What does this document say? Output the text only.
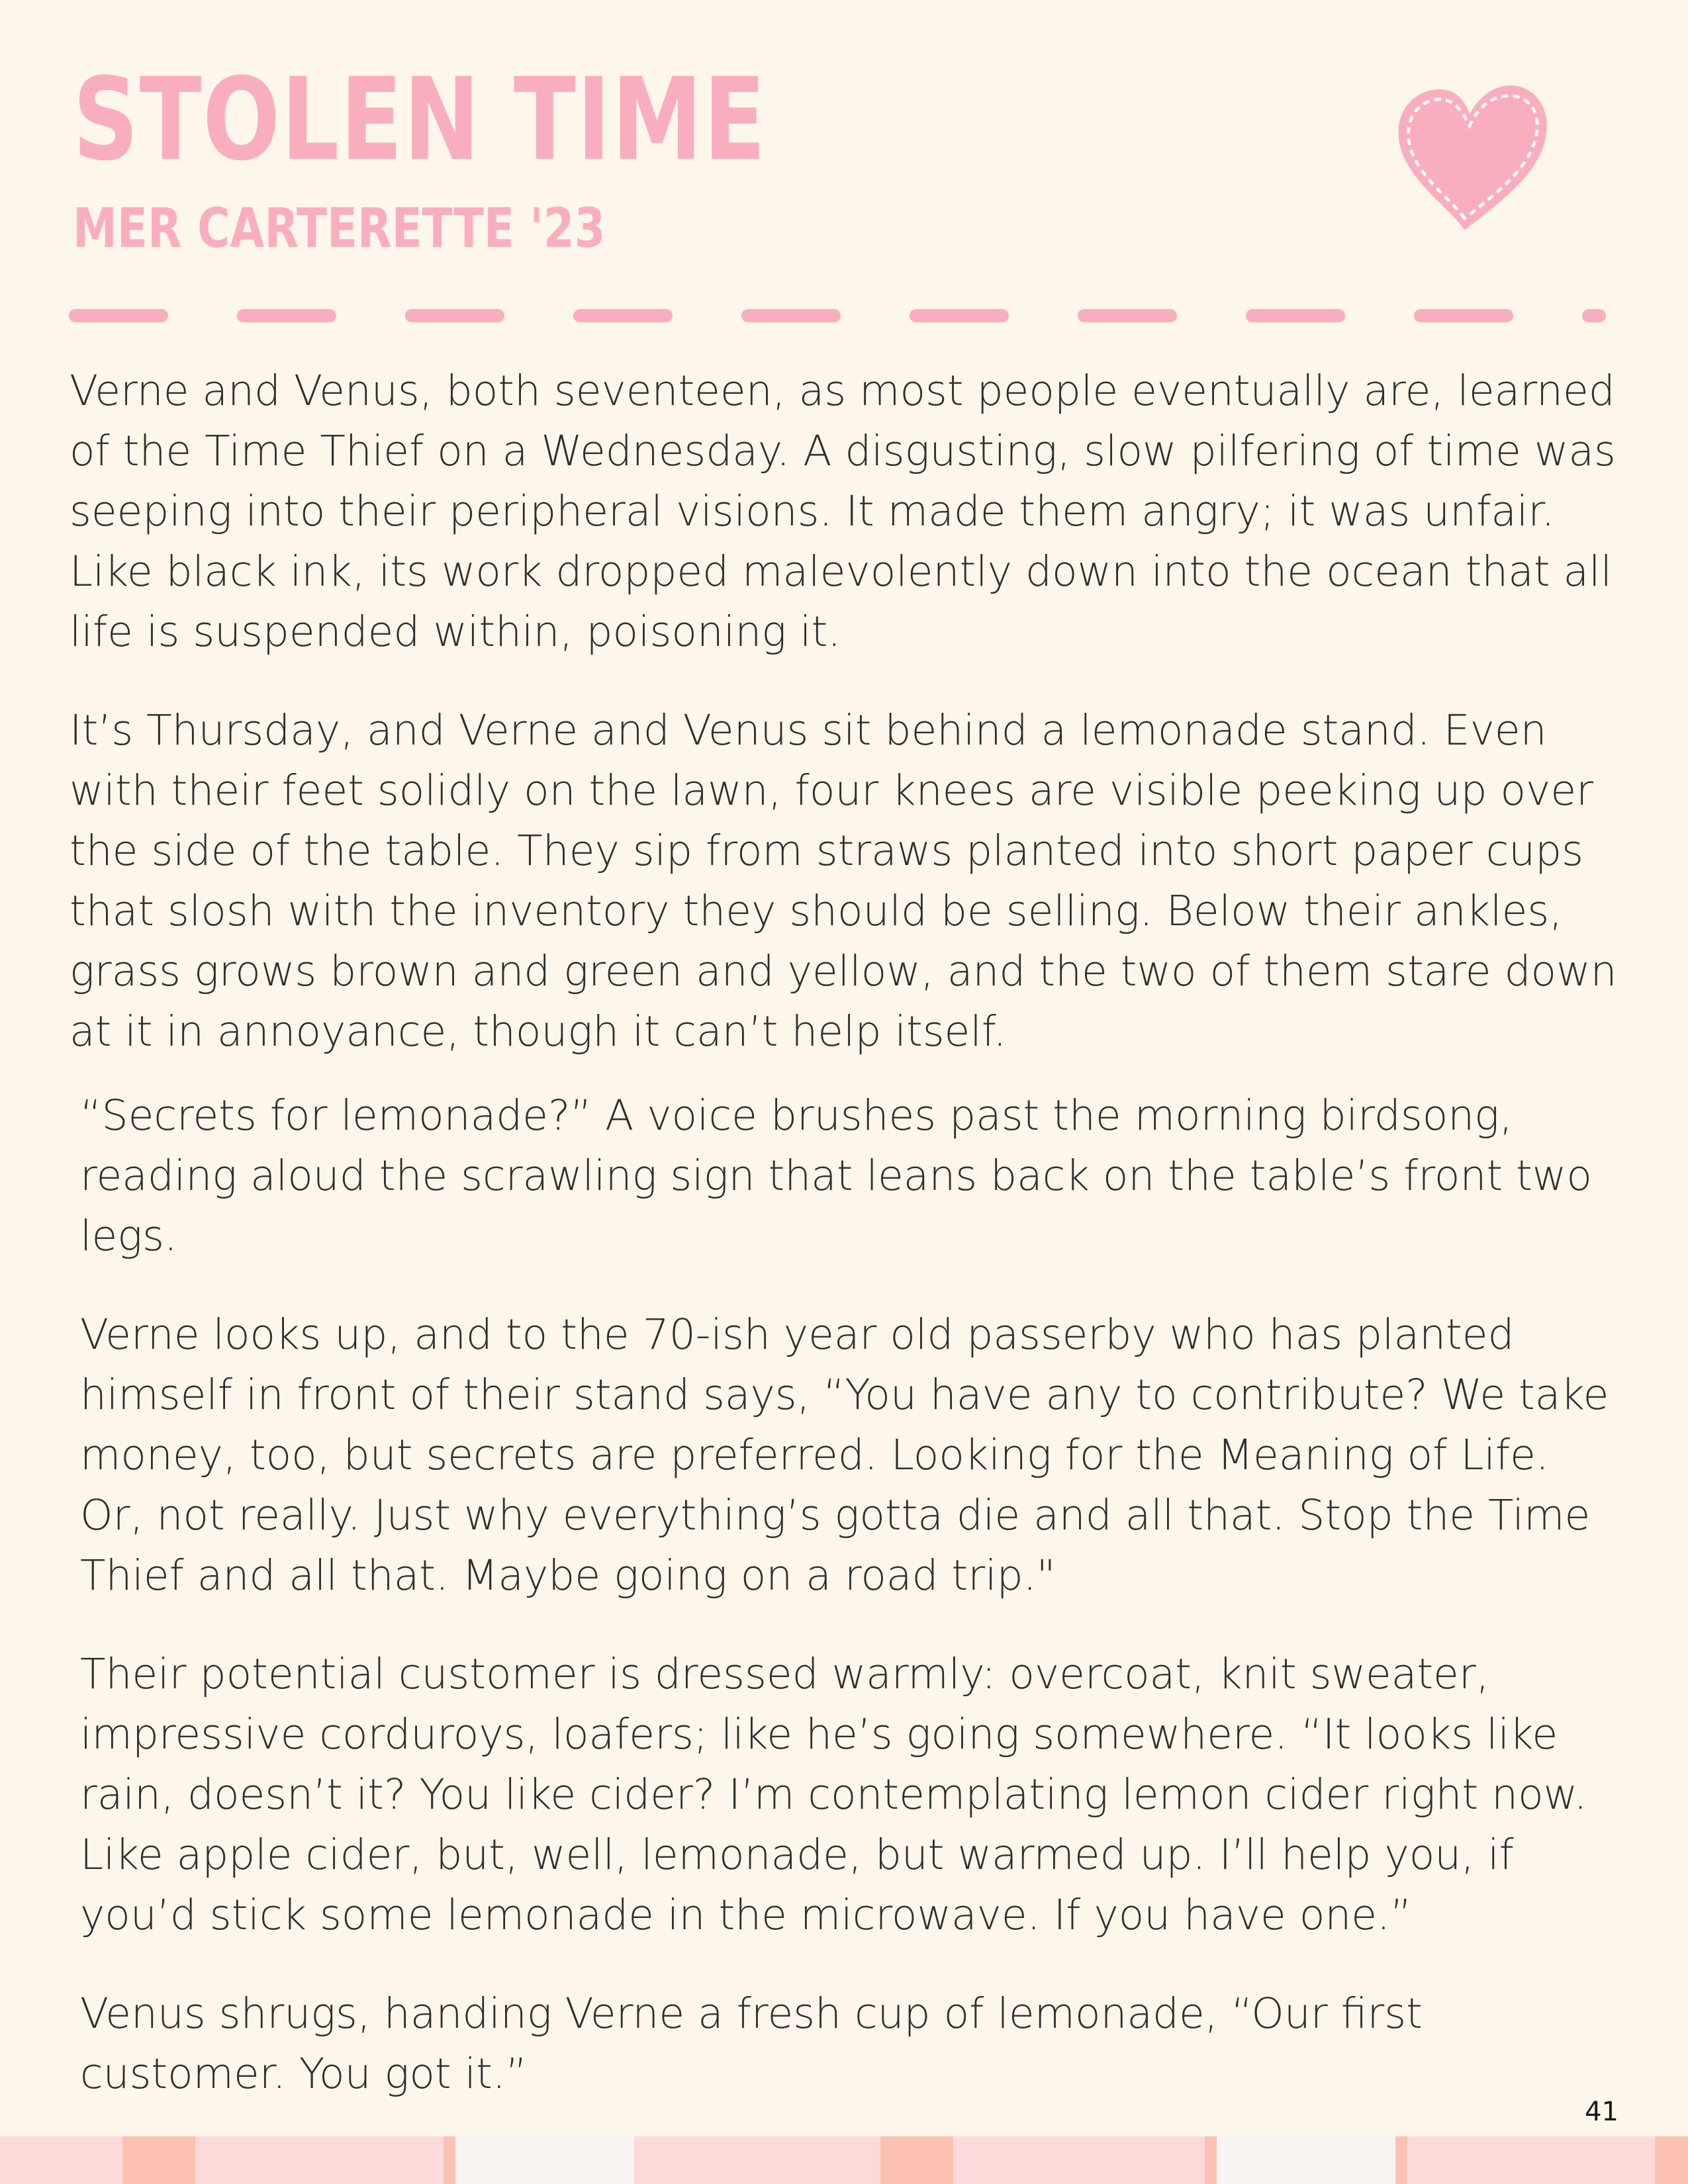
STOLEN TIME
MER CARTERETTE '23

Verne and Venus, both seventeen, as most people eventually are, learned of the Time Thief on a Wednesday. A disgusting, slow pilfering of time was seeping into their peripheral visions. It made them angry; it was unfair. Like black ink, its work dropped malevolently down into the ocean that all life is suspended within, poisoning it.

It’s Thursday, and Verne and Venus sit behind a lemonade stand. Even with their feet solidly on the lawn, four knees are visible peeking up over the side of the table. They sip from straws planted into short paper cups that slosh with the inventory they should be selling. Below their ankles, grass grows brown and green and yellow, and the two of them stare down at it in annoyance, though it can’t help itself.

“Secrets for lemonade?” A voice brushes past the morning birdsong, reading aloud the scrawling sign that leans back on the table’s front two legs.

Verne looks up, and to the 70-ish year old passerby who has planted himself in front of their stand says, “You have any to contribute? We take money, too, but secrets are preferred. Looking for the Meaning of Life. Or, not really. Just why everything’s gotta die and all that. Stop the Time Thief and all that. Maybe going on a road trip."

Their potential customer is dressed warmly: overcoat, knit sweater, impressive corduroys, loafers; like he’s going somewhere. “It looks like rain, doesn’t it? You like cider? I’m contemplating lemon cider right now. Like apple cider, but, well, lemonade, but warmed up. I’ll help you, if you’d stick some lemonade in the microwave. If you have one.”

Venus shrugs, handing Verne a fresh cup of lemonade, “Our first customer. You got it.”

41
